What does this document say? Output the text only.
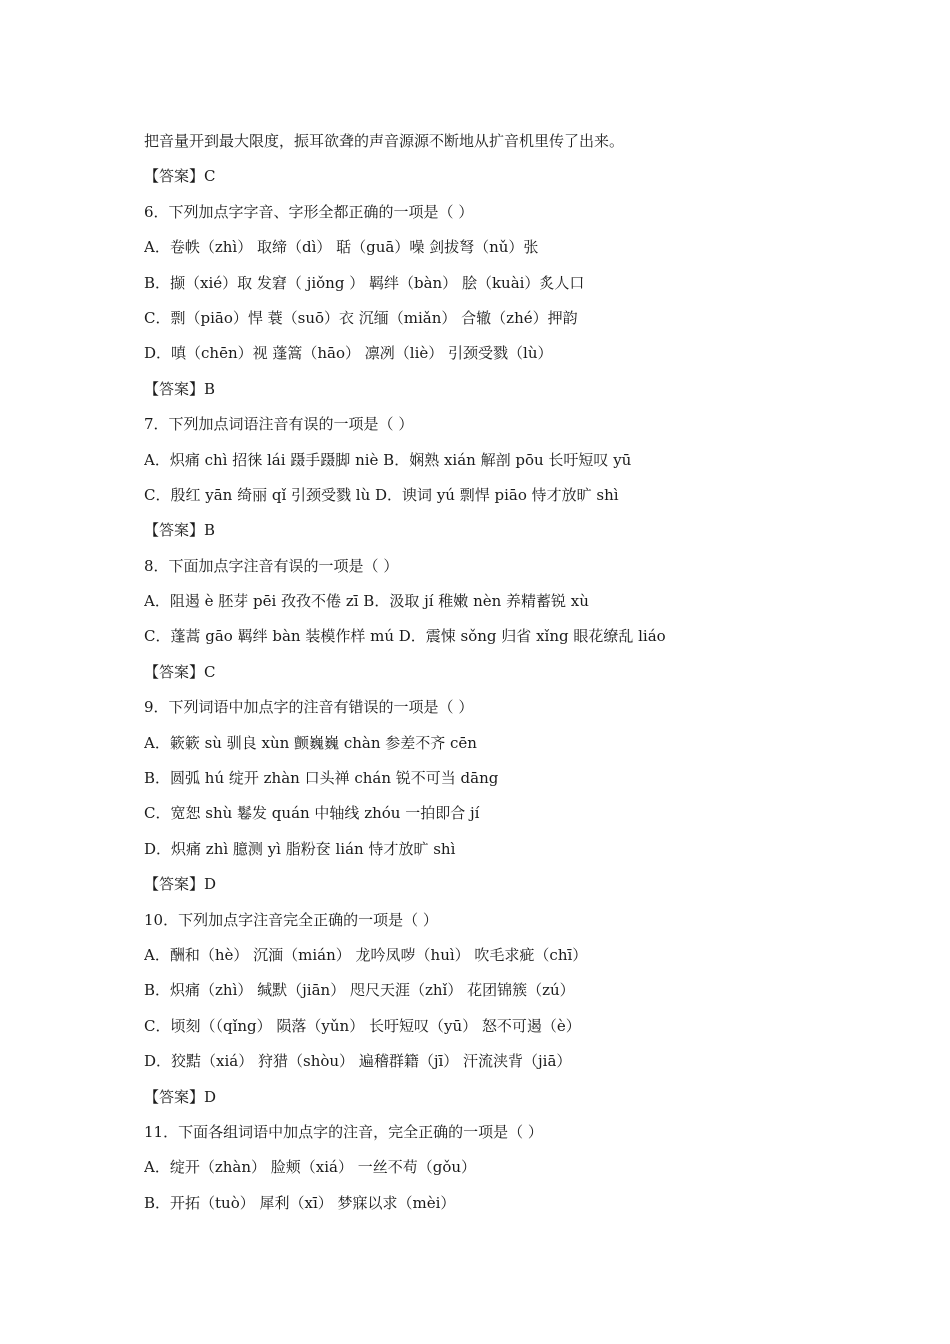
把音量开到最大限度，振耳欲聋的声音源源不断地从扩音机里传了出来。
【答案】C
6．下列加点字字音、字形全都正确的一项是（ ）
A．卷帙（zhì） 取缔（dì） 聒（guā）噪 剑拔弩（nǔ）张
B．撷（xié）取 发窘（ jiǒng ） 羁绊（bàn） 脍（kuài）炙人口
C．剽（piāo）悍 蓑（suō）衣 沉缅（miǎn） 合辙（zhé）押韵
D．嗔（chēn）视 蓬篙（hāo） 凛冽（liè） 引颈受戮（lù）
【答案】B
7．下列加点词语注音有误的一项是（ ）
A．炽痛 chì 招徕 lái 蹑手蹑脚 niè B．娴熟 xián 解剖 pōu 长吁短叹 yū
C．殷红 yān 绮丽 qǐ 引颈受戮 lù D．谀词 yú 剽悍 piāo 恃才放旷 shì
【答案】B
8．下面加点字注音有误的一项是（ ）
A．阻遏 è 胚芽 pēi 孜孜不倦 zī B．汲取 jí 稚嫩 nèn 养精蓄锐 xù
C．蓬蒿 gāo 羁绊 bàn 装模作样 mú D．震悚 sǒng 归省 xǐng 眼花缭乱 liáo
【答案】C
9．下列词语中加点字的注音有错误的一项是（ ）
A．簌簌 sù 驯良 xùn 颤巍巍 chàn 参差不齐 cēn
B．圆弧 hú 绽开 zhàn 口头禅 chán 锐不可当 dāng
C．宽恕 shù 鬈发 quán 中轴线 zhóu 一拍即合 jí
D．炽痛 zhì 臆测 yì 脂粉奁 lián 恃才放旷 shì
【答案】D
10．下列加点字注音完全正确的一项是（ ）
A．酬和（hè） 沉湎（mián） 龙吟凤哕（huì） 吹毛求疵（chī）
B．炽痛（zhì） 缄默（jiān） 咫尺天涯（zhǐ） 花团锦簇（zú）
C．顷刻（（qǐng） 陨落（yǔn） 长吁短叹（yū） 怒不可遏（è）
D．狡黠（xiá） 狩猎（shòu） 遍稽群籍（jī） 汗流浃背（jiā）
【答案】D
11．下面各组词语中加点字的注音，完全正确的一项是（ ）
A．绽开（zhàn） 脸颊（xiá） 一丝不苟（gǒu）
B．开拓（tuò） 犀利（xī） 梦寐以求（mèi）
